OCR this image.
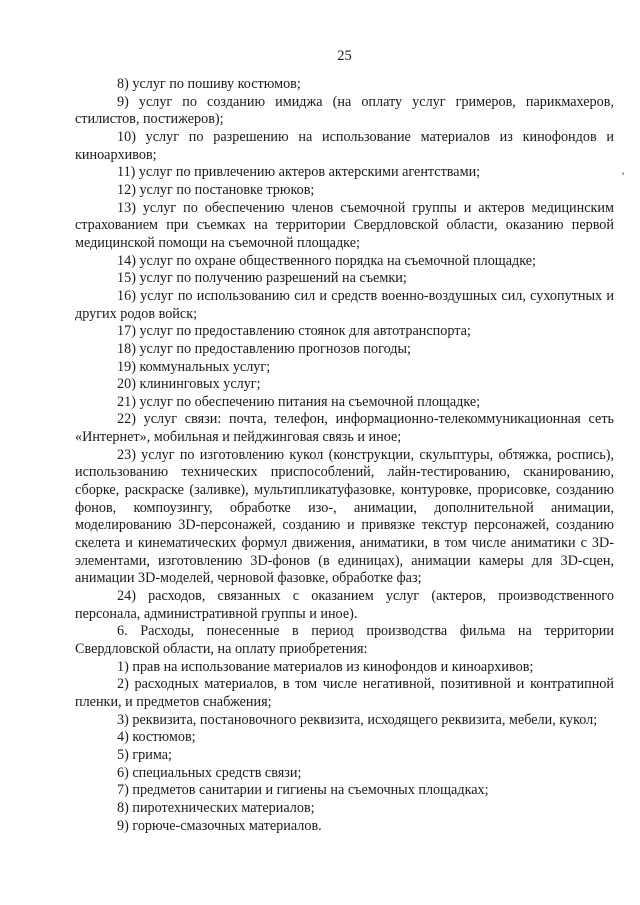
25
'

8) услуг по пошиву костюмов;

9) услуг по созданию имиджа (на оплату услуг гримеров, парикмахеров, стилистов, постижеров);

10) услуг по разрешению на использование материалов из кинофондов и киноархивов;

11) услуг по привлечению актеров актерскими агентствами;

12) услуг по постановке трюков;

13) услуг по обеспечению членов съемочной группы и актеров медицинским страхованием при съемках на территории Свердловской области, оказанию первой медицинской помощи на съемочной площадке;

14) услуг по охране общественного порядка на съемочной площадке;

15) услуг по получению разрешений на съемки;

16) услуг по использованию сил и средств военно-воздушных сил, сухопутных и других родов войск;

17) услуг по предоставлению стоянок для автотранспорта;

18) услуг по предоставлению прогнозов погоды;

19) коммунальных услуг;

20) клининговых услуг;

21) услуг по обеспечению питания на съемочной площадке;

22) услуг связи: почта, телефон, информационно-телекоммуникационная сеть «Интернет», мобильная и пейджинговая связь и иное;

23) услуг по изготовлению кукол (конструкции, скульптуры, обтяжка, роспись), использованию технических приспособлений, лайн-тестированию, сканированию, сборке, раскраске (заливке), мультипликатуфазовке, контуровке, прорисовке, созданию фонов, компоузингу, обработке изо-, анимации, дополнительной анимации, моделированию 3D-персонажей, созданию и привязке текстур персонажей, созданию скелета и кинематических формул движения, аниматики, в том числе аниматики с 3D-элементами, изготовлению 3D-фонов (в единицах), анимации камеры для 3D-сцен, анимации 3D-моделей, черновой фазовке, обработке фаз;

24) расходов, связанных с оказанием услуг (актеров, производственного персонала, административной группы и иное).

6. Расходы, понесенные в период производства фильма на территории Свердловской области, на оплату приобретения:

1) прав на использование материалов из кинофондов и киноархивов;

2) расходных материалов, в том числе негативной, позитивной и контратипной пленки, и предметов снабжения;

3) реквизита, постановочного реквизита, исходящего реквизита, мебели, кукол;

4) костюмов;

5) грима;

6) специальных средств связи;

7) предметов санитарии и гигиены на съемочных площадках;

8) пиротехнических материалов;

9) горюче-смазочных материалов.
